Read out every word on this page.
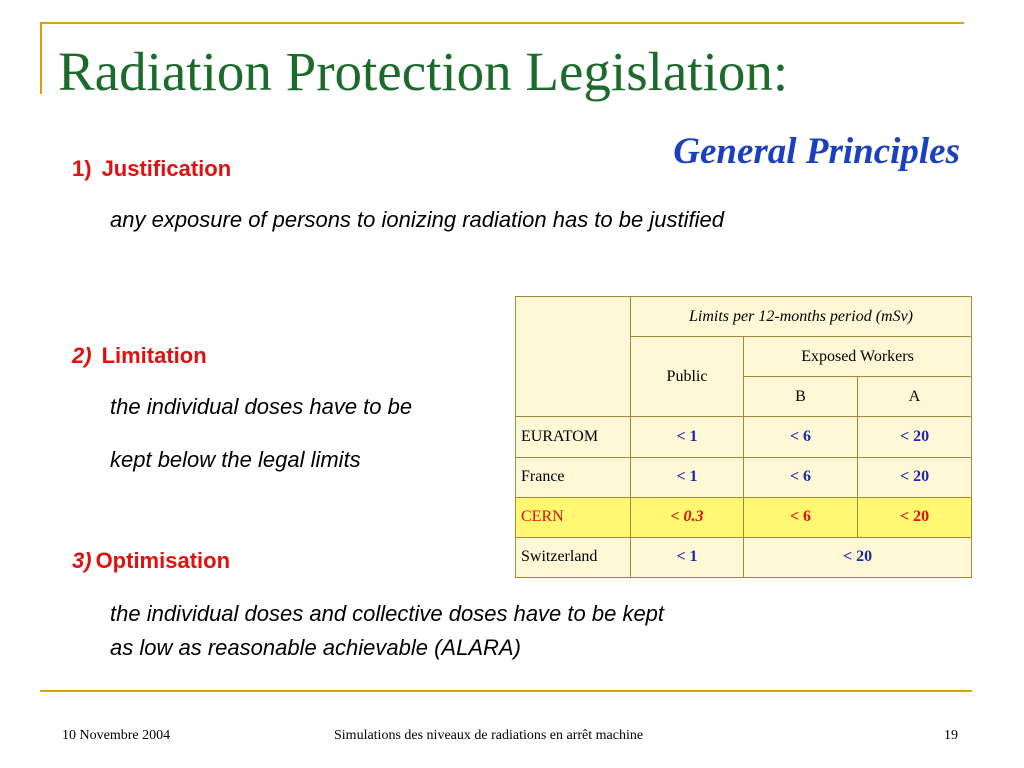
Radiation Protection Legislation:
General Principles
1) Justification
any exposure of persons to ionizing radiation has to be justified
2) Limitation
the individual doses have to be
kept below the legal limits
3) Optimisation
the individual doses and collective doses have to be kept
as low as reasonable achievable (ALARA)
	Limits per 12-months period (mSv)		
	Public	Exposed Workers	
		B	A
EURATOM	< 1	< 6	< 20
France	< 1	< 6	< 20
CERN	< 0.3	< 6	< 20
Switzerland	< 1	< 20	
10 Novembre 2004	Simulations des niveaux de radiations en arrêt machine	19
